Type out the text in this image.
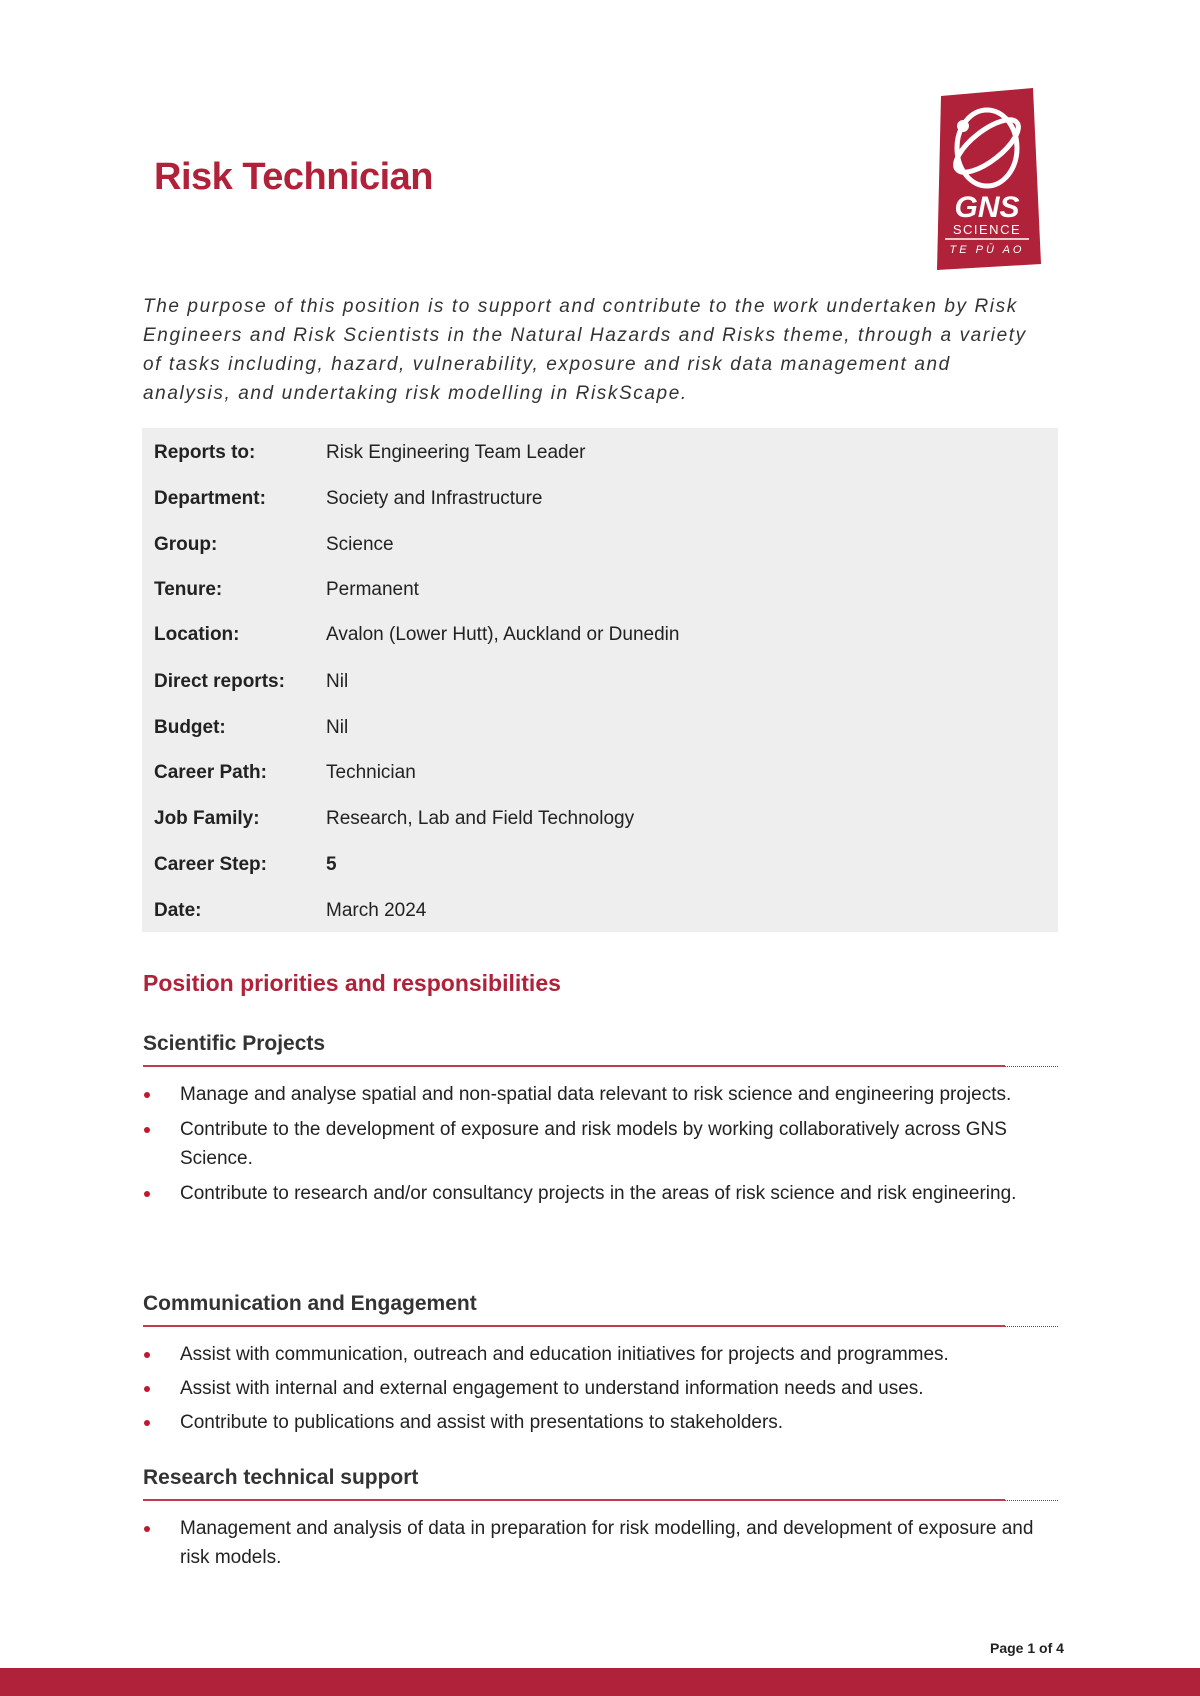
Risk Technician
GNS
SCIENCE
TE PŪ AO
The purpose of this position is to support and contribute to the work undertaken by Risk Engineers and Risk Scientists in the Natural Hazards and Risks theme, through a variety of tasks including, hazard, vulnerability, exposure and risk data management and analysis, and undertaking risk modelling in RiskScape.
Reports to:	Risk Engineering Team Leader
Department:	Society and Infrastructure
Group:	Science
Tenure:	Permanent
Location:	Avalon (Lower Hutt), Auckland or Dunedin
Direct reports: Nil
Budget:	Nil
Career Path:	Technician
Job Family:	Research, Lab and Field Technology
Career Step:	5
Date:	March 2024
Position priorities and responsibilities
Scientific Projects
Manage and analyse spatial and non-spatial data relevant to risk science and engineering projects.
Contribute to the development of exposure and risk models by working collaboratively across GNS Science.
Contribute to research and/or consultancy projects in the areas of risk science and risk engineering.
Communication and Engagement
Assist with communication, outreach and education initiatives for projects and programmes.
Assist with internal and external engagement to understand information needs and uses.
Contribute to publications and assist with presentations to stakeholders.
Research technical support
Management and analysis of data in preparation for risk modelling, and development of exposure and risk models.
Page 1 of 4
